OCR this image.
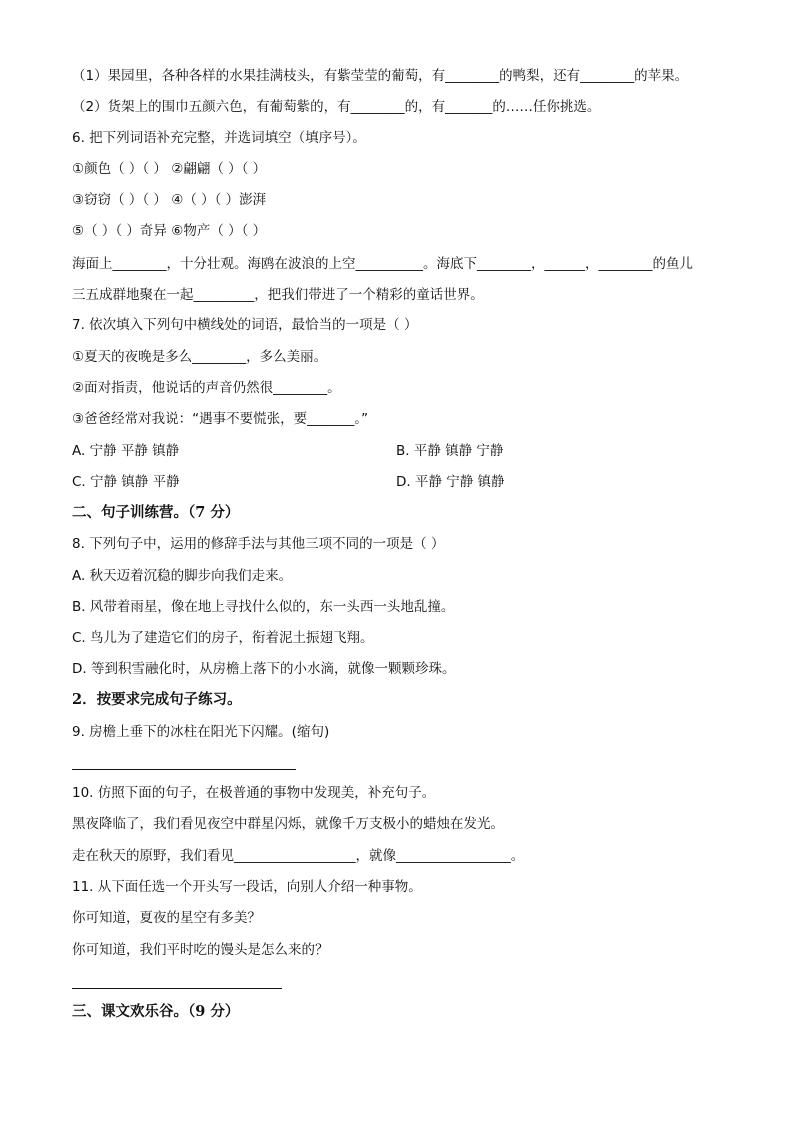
（1）果园里，各种各样的水果挂满枝头，有紫莹莹的葡萄，有________的鸭梨，还有________的苹果。
（2）货架上的围巾五颜六色，有葡萄紫的，有________的，有_______的……任你挑选。
6. 把下列词语补充完整，并选词填空（填序号）。
①颜色（ ）（ ） ②翩翩（ ）（ ）
③窃窃（ ）（ ） ④（ ）（ ）澎湃
⑤（ ）（ ）奇异 ⑥物产（ ）（ ）
海面上________，十分壮观。海鸥在波浪的上空__________。海底下________，______，________的鱼儿
三五成群地聚在一起_________，把我们带进了一个精彩的童话世界。
7. 依次填入下列句中横线处的词语，最恰当的一项是（ ）
①夏天的夜晚是多么________，多么美丽。
②面对指责，他说话的声音仍然很________。
③爸爸经常对我说：“遇事不要慌张，要_______。”
二、句子训练营。（7 分）
8. 下列句子中，运用的修辞手法与其他三项不同的一项是（ ）
A. 秋天迈着沉稳的脚步向我们走来。
B. 风带着雨星，像在地上寻找什么似的，东一头西一头地乱撞。
C. 鸟儿为了建造它们的房子，衔着泥土振翅飞翔。
D. 等到积雪融化时，从房檐上落下的小水滴，就像一颗颗珍珠。
2．按要求完成句子练习。
9. 房檐上垂下的冰柱在阳光下闪耀。(缩句)
10. 仿照下面的句子，在极普通的事物中发现美，补充句子。
黑夜降临了，我们看见夜空中群星闪烁，就像千万支极小的蜡烛在发光。
走在秋天的原野，我们看见__________________，就像_________________。
11. 从下面任选一个开头写一段话，向别人介绍一种事物。
你可知道，夏夜的星空有多美？
你可知道，我们平时吃的馒头是怎么来的？
三、课文欢乐谷。（9 分）
A. 宁静 平静 镇静	B. 平静 镇静 宁静
C. 宁静 镇静 平静	D. 平静 宁静 镇静
